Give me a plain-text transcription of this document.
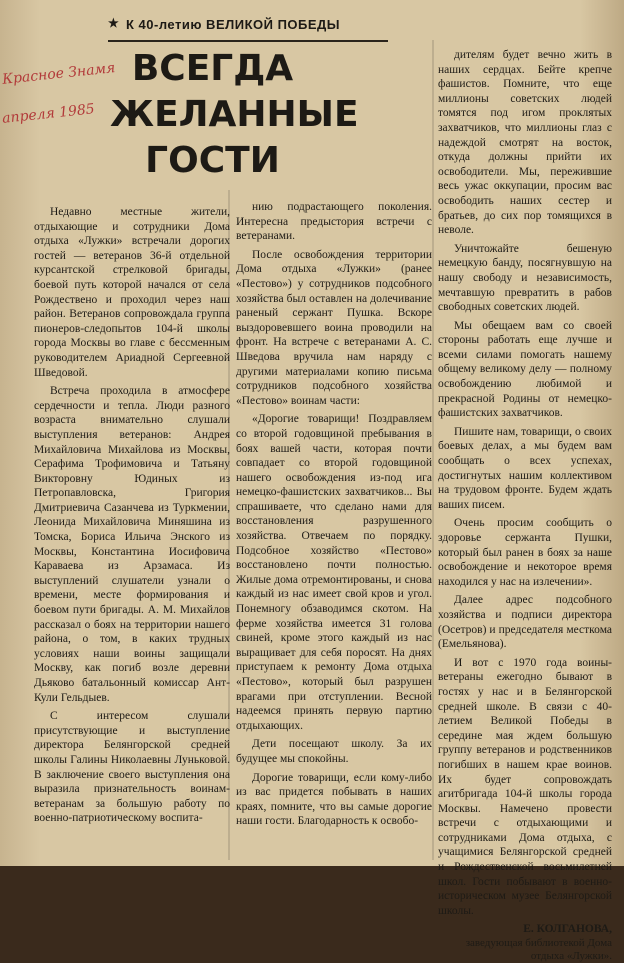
★ К 40-летию ВЕЛИКОЙ ПОБЕДЫ
Красное Знамя
апреля 1985
ВСЕГДА
ЖЕЛАННЫЕ
ГОСТИ

Недавно местные жители, отдыхающие и сотрудники Дома отдыха «Лужки» встречали дорогих гостей — ветеранов 36-й отдельной курсантской стрелковой бригады, боевой путь которой начался от села Рождествено и проходил через наш район. Ветеранов сопровождала группа пионеров-следопытов 104-й школы города Москвы во главе с бессменным руководителем Ариадной Сергеевной Шведовой.

Встреча проходила в атмосфере сердечности и тепла. Люди разного возраста внимательно слушали выступления ветеранов: Андрея Михайловича Михайлова из Москвы, Серафима Трофимовича и Татьяну Викторовну Юдиных из Петропавловска, Григория Дмитриевича Сазанчева из Туркмении, Леонида Михайловича Миняшина из Томска, Бориса Ильича Энского из Москвы, Константина Иосифовича Караваева из Арзамаса. Из выступлений слушатели узнали о времени, месте формирования и боевом пути бригады. А. М. Михайлов рассказал о боях на территории нашего района, о том, в каких трудных условиях наши воины защищали Москву, как погиб возле деревни Дьяково батальонный комиссар Ант-Кули Гельдыев.

С интересом слушали присутствующие и выступление директора Белянгорской средней школы Галины Николаевны Луньковой. В заключение своего выступления она выразила признательность воинам-ветеранам за большую работу по военно-патриотическому воспита-

нию подрастающего поколения. Интересна предыстория встречи с ветеранами.

После освобождения территории Дома отдыха «Лужки» (ранее «Пестово») у сотрудников подсобного хозяйства был оставлен на долечивание раненый сержант Пушка. Вскоре выздоровевшего воина проводили на фронт. На встрече с ветеранами А. С. Шведова вручила нам наряду с другими материалами копию письма сотрудников подсобного хозяйства «Пестово» воинам части:

«Дорогие товарищи! Поздравляем со второй годовщиной пребывания в боях вашей части, которая почти совпадает со второй годовщиной нашего освобождения из-под ига немецко-фашистских захватчиков... Вы спрашиваете, что сделано нами для восстановления разрушенного хозяйства. Отвечаем по порядку. Подсобное хозяйство «Пестово» восстановлено почти полностью. Жилые дома отремонтированы, и снова каждый из нас имеет свой кров и угол. Понемногу обзаводимся скотом. На ферме хозяйства имеется 31 голова свиней, кроме этого каждый из нас выращивает для себя поросят. На днях приступаем к ремонту Дома отдыха «Пестово», который был разрушен врагами при отступлении. Весной надеемся принять первую партию отдыхающих.

Дети посещают школу. За их будущее мы спокойны.

Дорогие товарищи, если кому-либо из вас придется побывать в наших краях, помните, что вы самые дорогие наши гости. Благодарность к освобо-

дителям будет вечно жить в наших сердцах. Бейте крепче фашистов. Помните, что еще миллионы советских людей томятся под игом проклятых захватчиков, что миллионы глаз с надеждой смотрят на восток, откуда должны прийти их освободители. Мы, пережившие весь ужас оккупации, просим вас освободить наших сестер и братьев, до сих пор томящихся в неволе.

Уничтожайте бешеную немецкую банду, посягнувшую на нашу свободу и независимость, мечтавшую превратить в рабов свободных советских людей.

Мы обещаем вам со своей стороны работать еще лучше и всеми силами помогать нашему общему великому делу — полному освобождению любимой и прекрасной Родины от немецко-фашистских захватчиков.

Пишите нам, товарищи, о своих боевых делах, а мы будем вам сообщать о всех успехах, достигнутых нашим коллективом на трудовом фронте. Будем ждать ваших писем.

Очень просим сообщить о здоровье сержанта Пушки, который был ранен в боях за наше освобождение и некоторое время находился у нас на излечении».

Далее адрес подсобного хозяйства и подписи директора (Осетров) и председателя месткома (Емельянова).

И вот с 1970 года воины-ветераны ежегодно бывают в гостях у нас и в Белянгорской средней школе. В связи с 40-летием Великой Победы в середине мая ждем большую группу ветеранов и родственников погибших в нашем крае воинов. Их будет сопровождать агитбригада 104-й школы города Москвы. Намечено провести встречи с отдыхающими и сотрудниками Дома отдыха, с учащимися Белянгорской средней и Рождественской восьмилетней школ. Гости побывают в военно-историческом музее Белянгорской школы.

Е. КОЛГАНОВА,
заведующая библиотекой Дома отдыха «Лужки».
